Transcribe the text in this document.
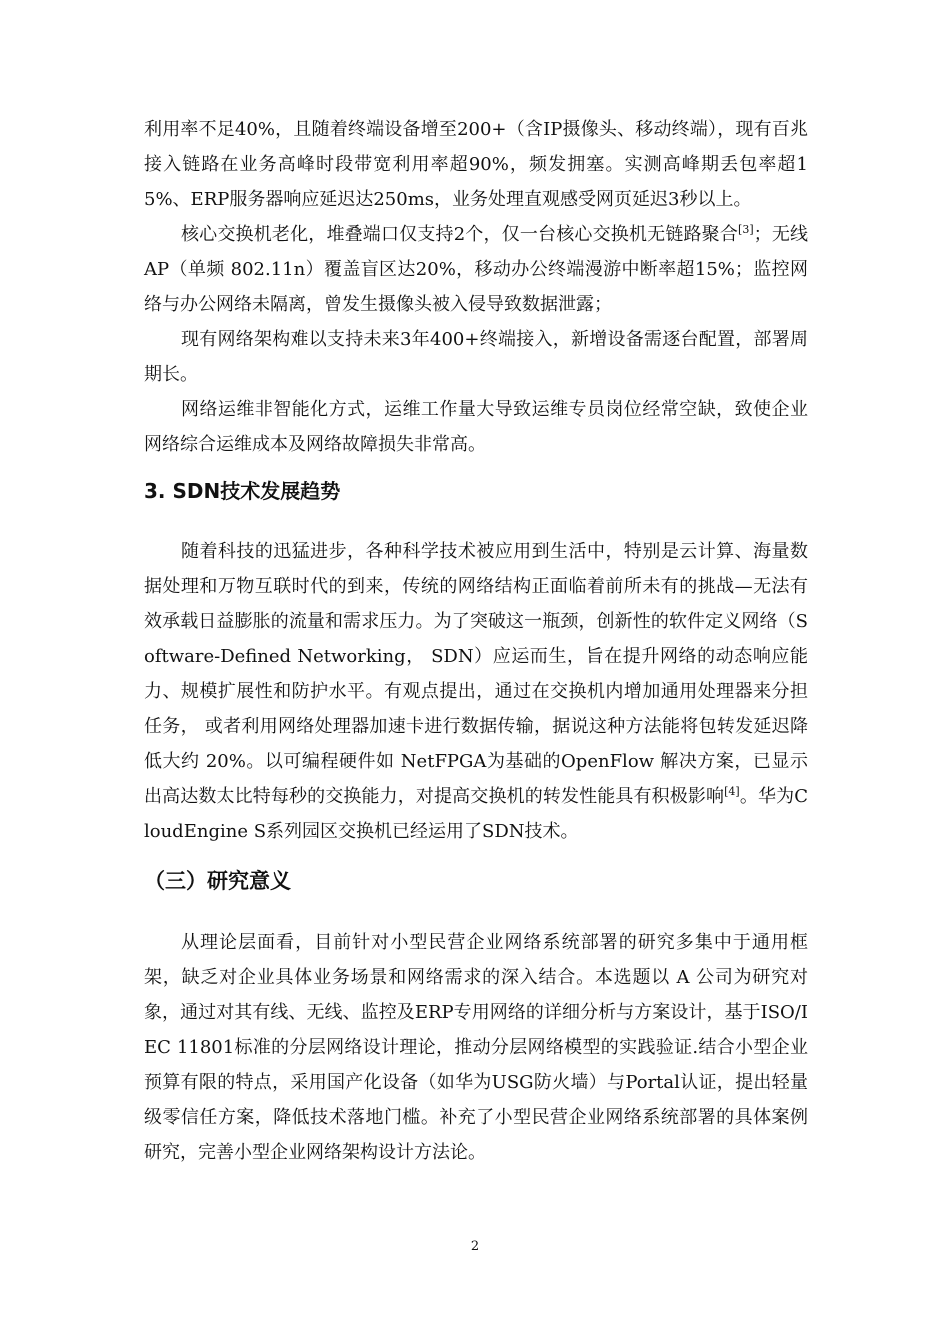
利用率不足40%，且随着终端设备增至200+（含IP摄像头、移动终端），现有百兆接入链路在业务高峰时段带宽利用率超90%，频发拥塞。实测高峰期丢包率超15%、ERP服务器响应延迟达250ms，业务处理直观感受网页延迟3秒以上。

核心交换机老化，堆叠端口仅支持2个，仅一台核心交换机无链路聚合[3]；无线AP（单频 802.11n）覆盖盲区达20%，移动办公终端漫游中断率超15%；监控网络与办公网络未隔离，曾发生摄像头被入侵导致数据泄露；

现有网络架构难以支持未来3年400+终端接入，新增设备需逐台配置，部署周期长。

网络运维非智能化方式，运维工作量大导致运维专员岗位经常空缺，致使企业网络综合运维成本及网络故障损失非常高。

3. SDN技术发展趋势

随着科技的迅猛进步，各种科学技术被应用到生活中，特别是云计算、海量数据处理和万物互联时代的到来，传统的网络结构正面临着前所未有的挑战—无法有效承载日益膨胀的流量和需求压力。为了突破这一瓶颈，创新性的软件定义网络（Software-Defined Networking， SDN）应运而生，旨在提升网络的动态响应能力、规模扩展性和防护水平。有观点提出，通过在交换机内增加通用处理器来分担任务， 或者利用网络处理器加速卡进行数据传输，据说这种方法能将包转发延迟降低大约 20%。以可编程硬件如 NetFPGA为基础的OpenFlow 解决方案，已显示出高达数太比特每秒的交换能力，对提高交换机的转发性能具有积极影响[4]。华为CloudEngine S系列园区交换机已经运用了SDN技术。

（三）研究意义

从理论层面看，目前针对小型民营企业网络系统部署的研究多集中于通用框架，缺乏对企业具体业务场景和网络需求的深入结合。本选题以 A 公司为研究对象，通过对其有线、无线、监控及ERP专用网络的详细分析与方案设计，基于ISO/IEC 11801标准的分层网络设计理论，推动分层网络模型的实践验证.结合小型企业预算有限的特点，采用国产化设备（如华为USG防火墙）与Portal认证，提出轻量级零信任方案，降低技术落地门槛。补充了小型民营企业网络系统部署的具体案例研究，完善小型企业网络架构设计方法论。

2
